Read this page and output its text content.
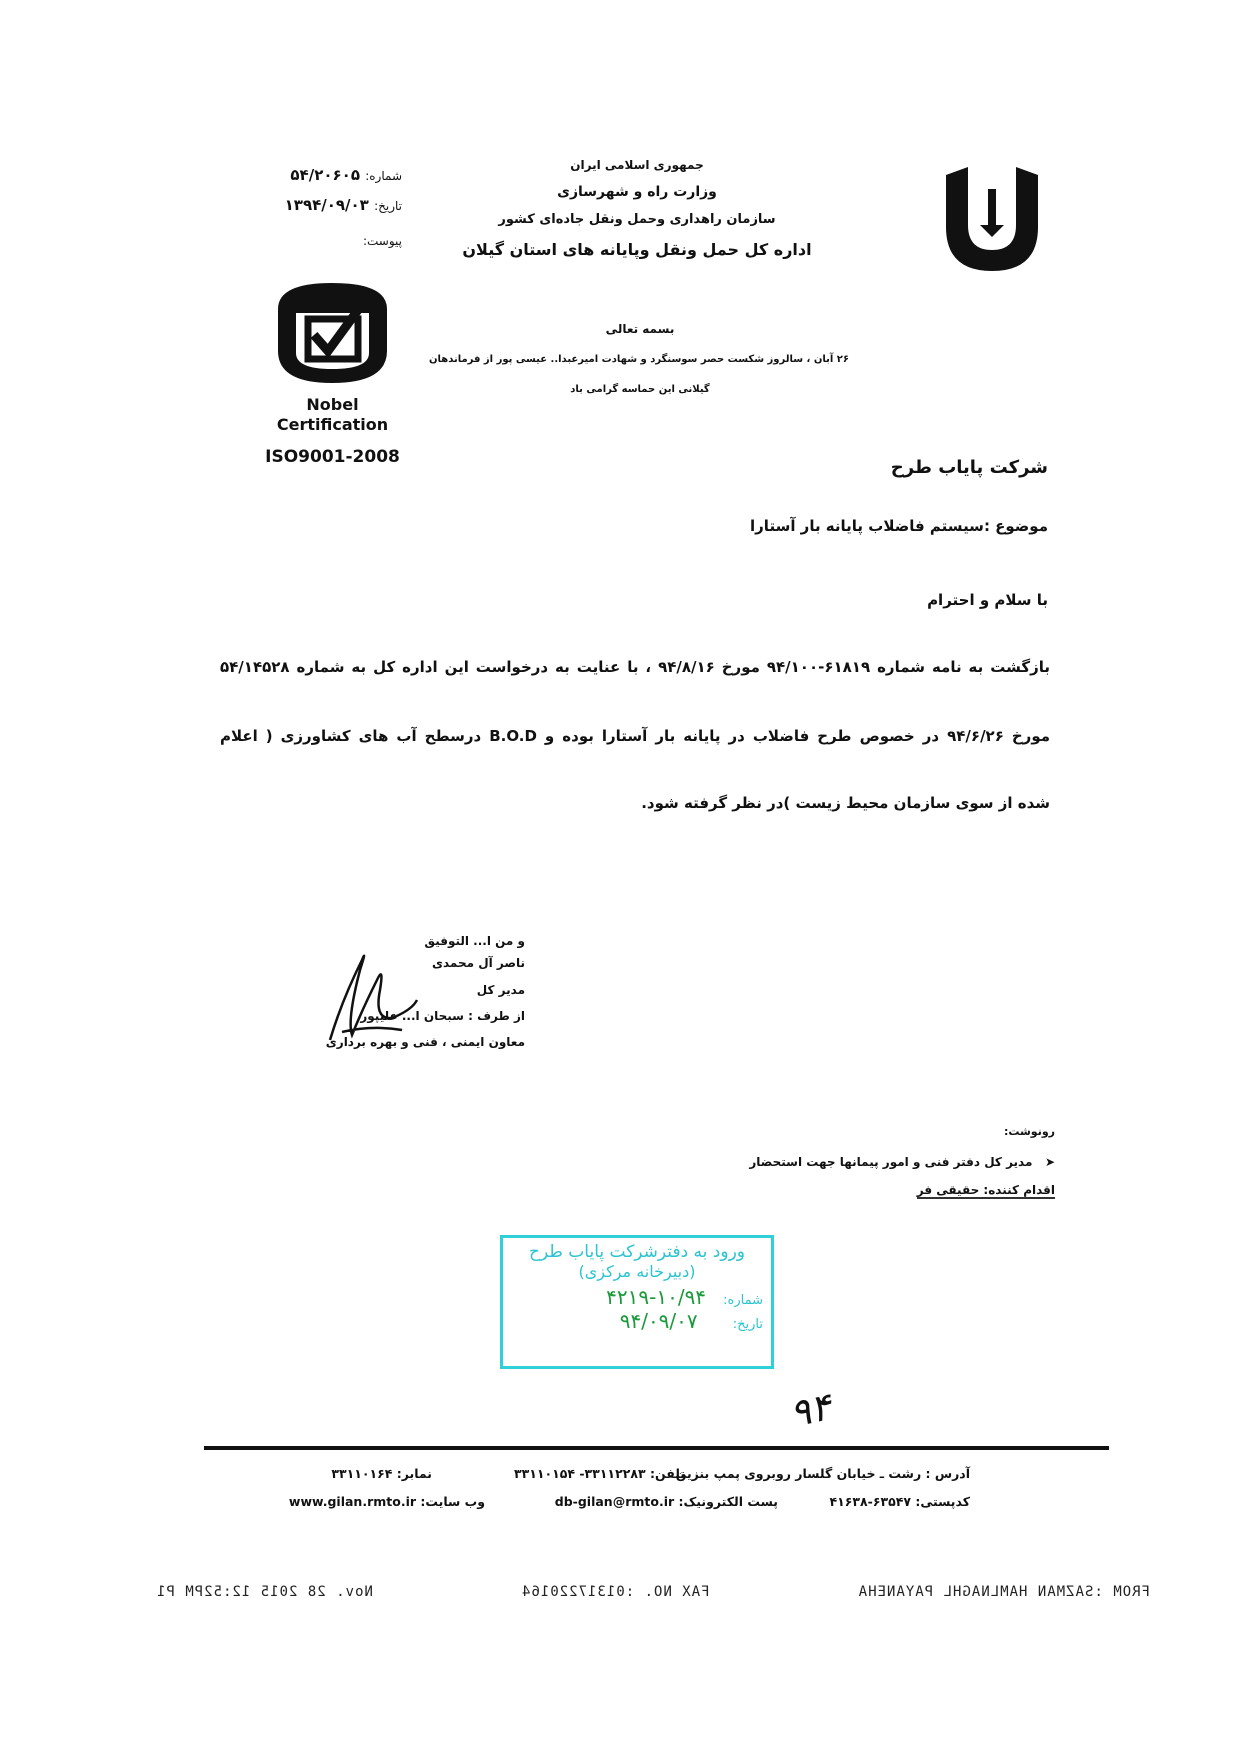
جمهوری اسلامی ایران
وزارت راه و شهرسازی
سازمان راهداری وحمل ونقل جاده‌ای کشور
اداره کل حمل ونقل وپایانه های استان گیلان
شماره: ۵۴/۲۰۶۰۵
تاریخ: ۱۳۹۴/۰۹/۰۳
پیوست:
Nobel
Certification
ISO9001-2008
بسمه تعالی
۲۶ آبان ، سالروز شکست حصر سوسنگرد و شهادت امیرعبدا.. عیسی پور از فرماندهان
گیلانی این حماسه گرامی باد
شرکت پایاب طرح
موضوع :سیستم فاضلاب پایانه بار آستارا
با سلام و احترام
بازگشت به نامه شماره ۶۱۸۱۹-۹۴/۱۰۰ مورخ ۹۴/۸/۱۶ ، با عنایت به درخواست این اداره کل به شماره ۵۴/۱۴۵۲۸
مورخ ۹۴/۶/۲۶ در خصوص طرح فاضلاب در پایانه بار آستارا بوده و B.O.D درسطح آب های کشاورزی ( اعلام
شده از سوی سازمان محیط زیست )در نظر گرفته شود.
و من ا... التوفیق
ناصر آل محمدی
مدیر کل
از طرف : سبحان ا... علیپور
معاون ایمنی ، فنی و بهره برداری
رونوشت:
➤   مدیر کل دفتر فنی و امور پیمانها جهت استحضار
اقدام کننده: حقیقی فر
ورود به دفترشرکت پایاب طرح
(دبیرخانه مرکزی)
شماره: ۱۰/۹۴-۴۲۱۹
تاریخ: ۹۴/۰۹/۰۷
۹۴
آدرس : رشت ـ خیابان گلسار روبروی پمپ بنزین
تلفن: ۳۳۱۱۲۲۸۳- ۳۳۱۱۰۱۵۴
نمابر: ۳۳۱۱۰۱۶۴
کدپستی: ۶۳۵۴۷-۴۱۶۳۸
پست الکترونیک: db-gilan@rmto.ir
وب سایت: www.gilan.rmto.ir
FROM :SAZMAN HAMLNAGHL PAYANEHA
FAX NO. :01317220164
Nov. 28 2015 12:52PM P1
